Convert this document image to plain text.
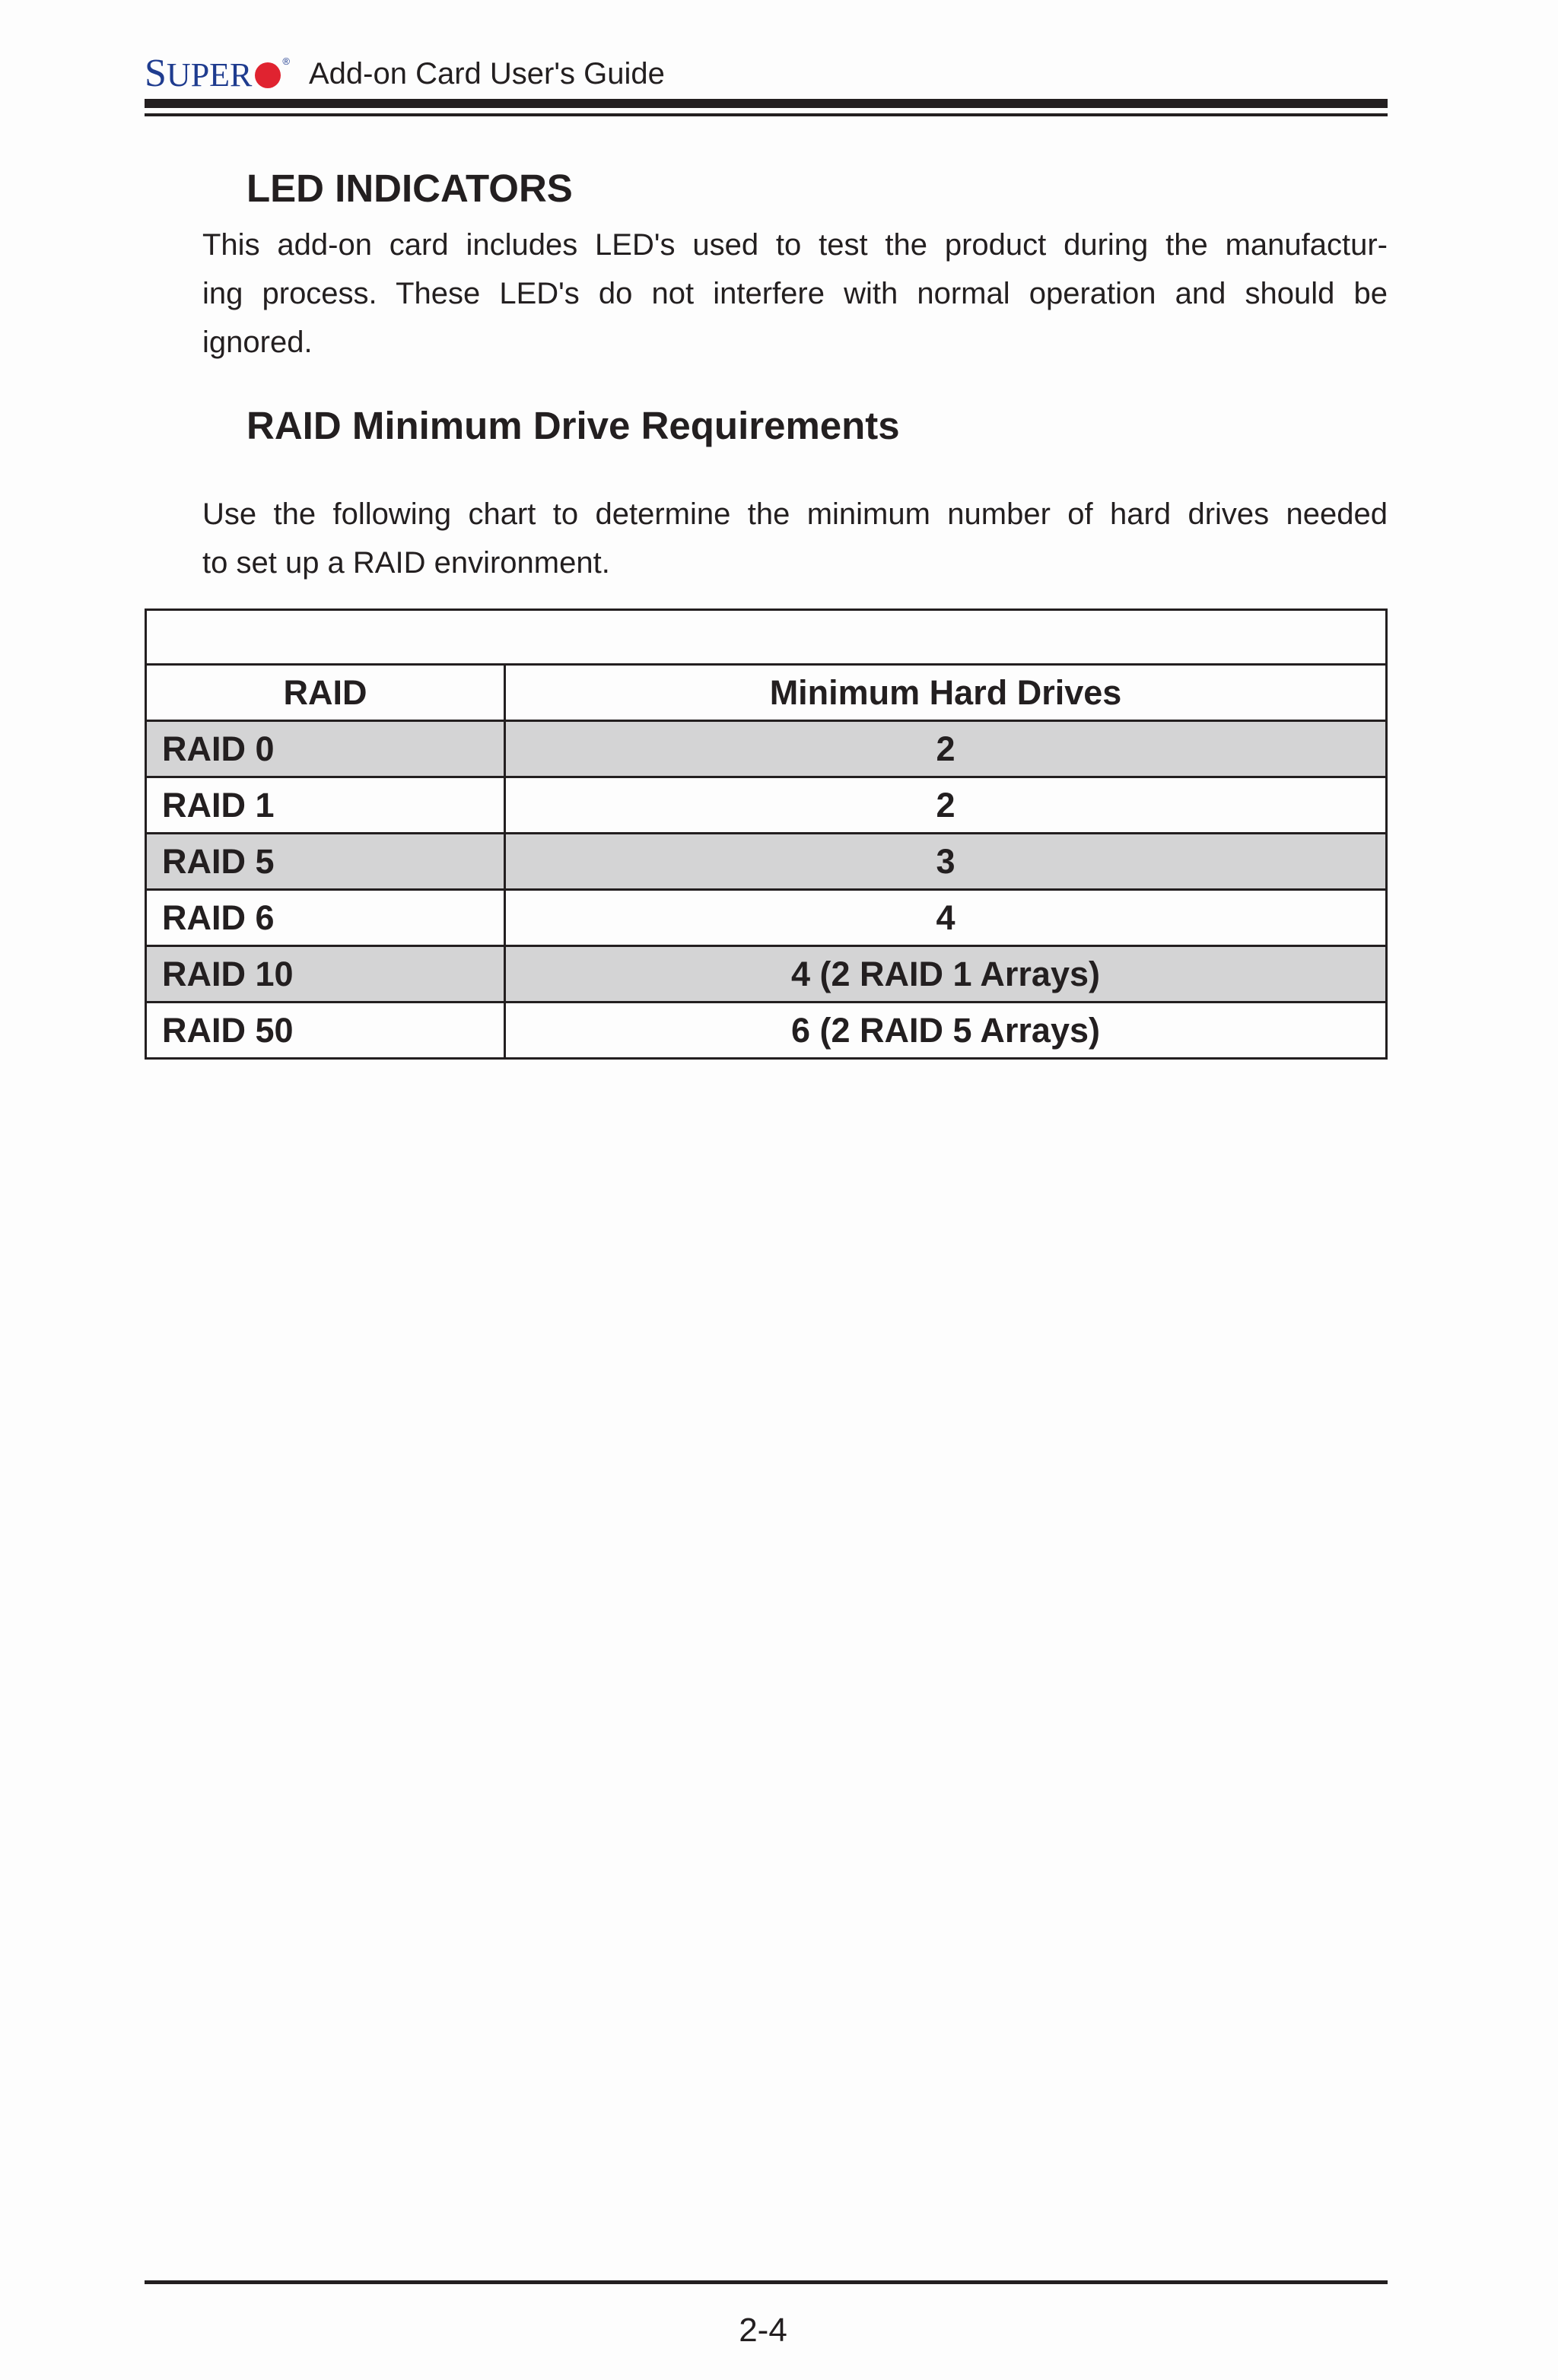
SUPER	® Add-on Card User's Guide
LED INDICATORS
This add-on card includes LED's used to test the product during the manufactur-
ing process. These LED's do not interfere with normal operation and should be
ignored.
RAID Minimum Drive Requirements
Use the following chart to determine the minimum number of hard drives needed
to set up a RAID environment.

RAID	Minimum Hard Drives
RAID 0	2
RAID 1	2
RAID 5	3
RAID 6	4
RAID 10	4 (2 RAID 1 Arrays)
RAID 50	6 (2 RAID 5 Arrays)
2-4
